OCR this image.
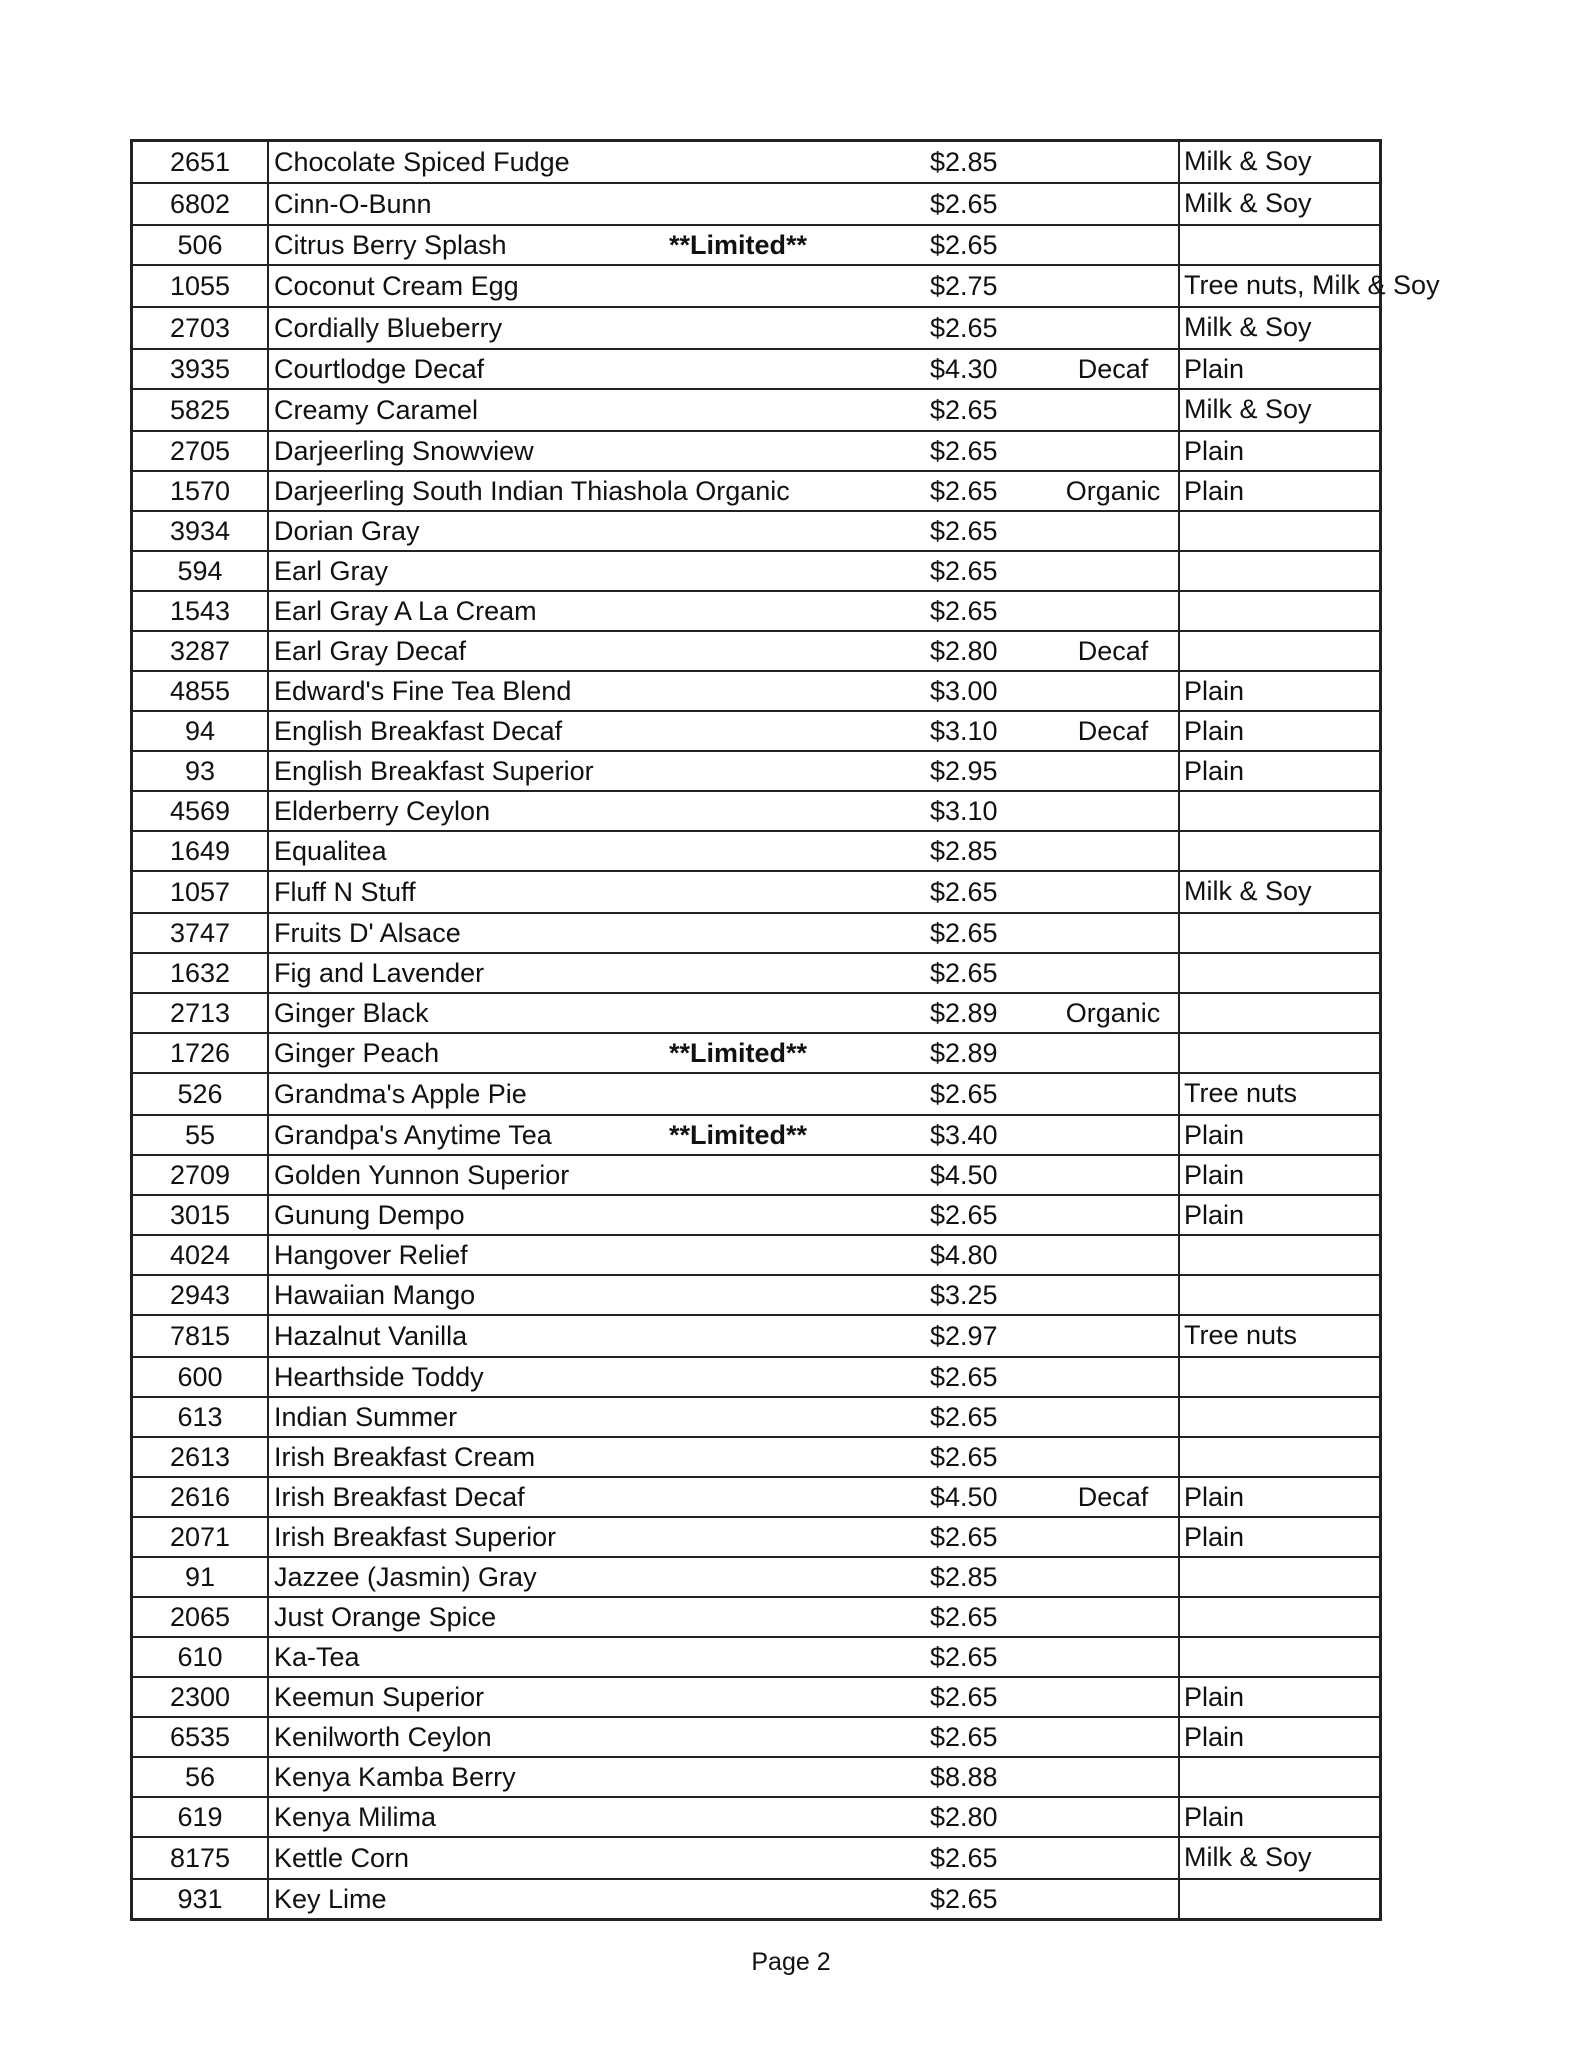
2651	Chocolate Spiced Fudge	$2.85		Milk & Soy
6802	Cinn-O-Bunn	$2.65		Milk & Soy
506	Citrus Berry Splash **Limited**	$2.65		
1055	Coconut Cream Egg	$2.75		Tree nuts, Milk & Soy
2703	Cordially Blueberry	$2.65		Milk & Soy
3935	Courtlodge Decaf	$4.30	Decaf	Plain
5825	Creamy Caramel	$2.65		Milk & Soy
2705	Darjeerling Snowview	$2.65		Plain
1570	Darjeerling South Indian Thiashola Organic	$2.65	Organic	Plain
3934	Dorian Gray	$2.65		
594	Earl Gray	$2.65		
1543	Earl Gray A La Cream	$2.65		
3287	Earl Gray Decaf	$2.80	Decaf	
4855	Edward's Fine Tea Blend	$3.00		Plain
94	English Breakfast Decaf	$3.10	Decaf	Plain
93	English Breakfast Superior	$2.95		Plain
4569	Elderberry Ceylon	$3.10		
1649	Equalitea	$2.85		
1057	Fluff N Stuff	$2.65		Milk & Soy
3747	Fruits D' Alsace	$2.65		
1632	Fig and Lavender	$2.65		
2713	Ginger Black	$2.89	Organic	
1726	Ginger Peach **Limited**	$2.89		
526	Grandma's Apple Pie	$2.65		Tree nuts
55	Grandpa's Anytime Tea **Limited**	$3.40		Plain
2709	Golden Yunnon Superior	$4.50		Plain
3015	Gunung Dempo	$2.65		Plain
4024	Hangover Relief	$4.80		
2943	Hawaiian Mango	$3.25		
7815	Hazalnut Vanilla	$2.97		Tree nuts
600	Hearthside Toddy	$2.65		
613	Indian Summer	$2.65		
2613	Irish Breakfast Cream	$2.65		
2616	Irish Breakfast Decaf	$4.50	Decaf	Plain
2071	Irish Breakfast Superior	$2.65		Plain
91	Jazzee (Jasmin) Gray	$2.85		
2065	Just Orange Spice	$2.65		
610	Ka-Tea	$2.65		
2300	Keemun Superior	$2.65		Plain
6535	Kenilworth Ceylon	$2.65		Plain
56	Kenya Kamba Berry	$8.88		
619	Kenya Milima	$2.80		Plain
8175	Kettle Corn	$2.65		Milk & Soy
931	Key Lime	$2.65		
Page 2
